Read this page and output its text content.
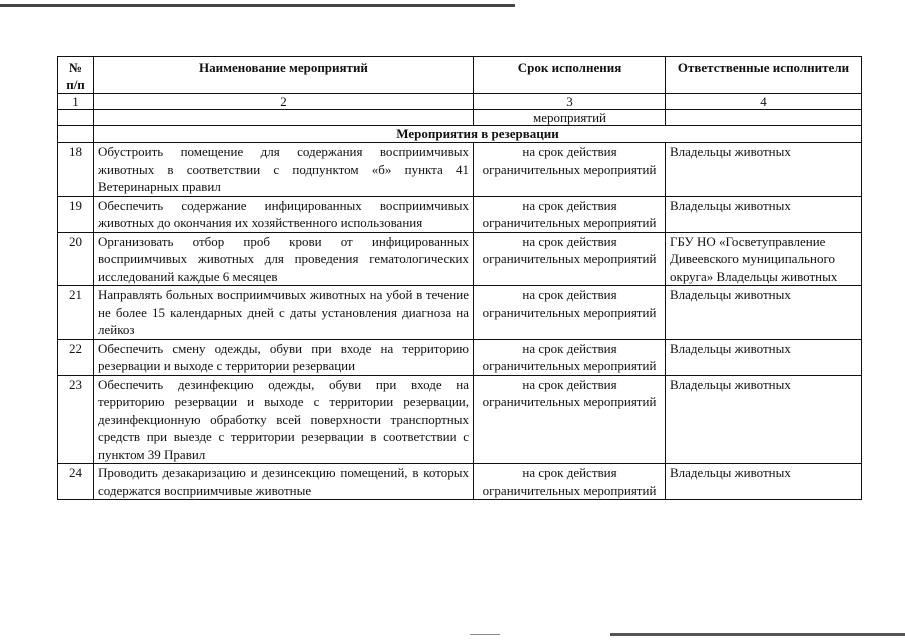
№ п/п	Наименование мероприятий	Срок исполнения	Ответственные исполнители
1	2	3	4
		мероприятий	
	Мероприятия в резервации		
18	Обустроить помещение для содержания восприимчивых животных в соответствии с подпунктом «б» пункта 41 Ветеринарных правил	на срок действия ограничительных мероприятий	Владельцы животных
19	Обеспечить содержание инфицированных восприимчивых животных до окончания их хозяйственного использования	на срок действия ограничительных мероприятий	Владельцы животных
20	Организовать отбор проб крови от инфицированных восприимчивых животных для проведения гематологических исследований каждые 6 месяцев	на срок действия ограничительных мероприятий	ГБУ НО «Госветуправление Дивеевского муниципального округа» Владельцы животных
21	Направлять больных восприимчивых животных на убой в течение не более 15 календарных дней с даты установления диагноза на лейкоз	на срок действия ограничительных мероприятий	Владельцы животных
22	Обеспечить смену одежды, обуви при входе на территорию резервации и выходе с территории резервации	на срок действия ограничительных мероприятий	Владельцы животных
23	Обеспечить дезинфекцию одежды, обуви при входе на территорию резервации и выходе с территории резервации, дезинфекционную обработку всей поверхности транспортных средств при выезде с территории резервации в соответствии с пунктом 39 Правил	на срок действия ограничительных мероприятий	Владельцы животных
24	Проводить дезакаризацию и дезинсекцию помещений, в которых содержатся восприимчивые животные	на срок действия ограничительных мероприятий	Владельцы животных
